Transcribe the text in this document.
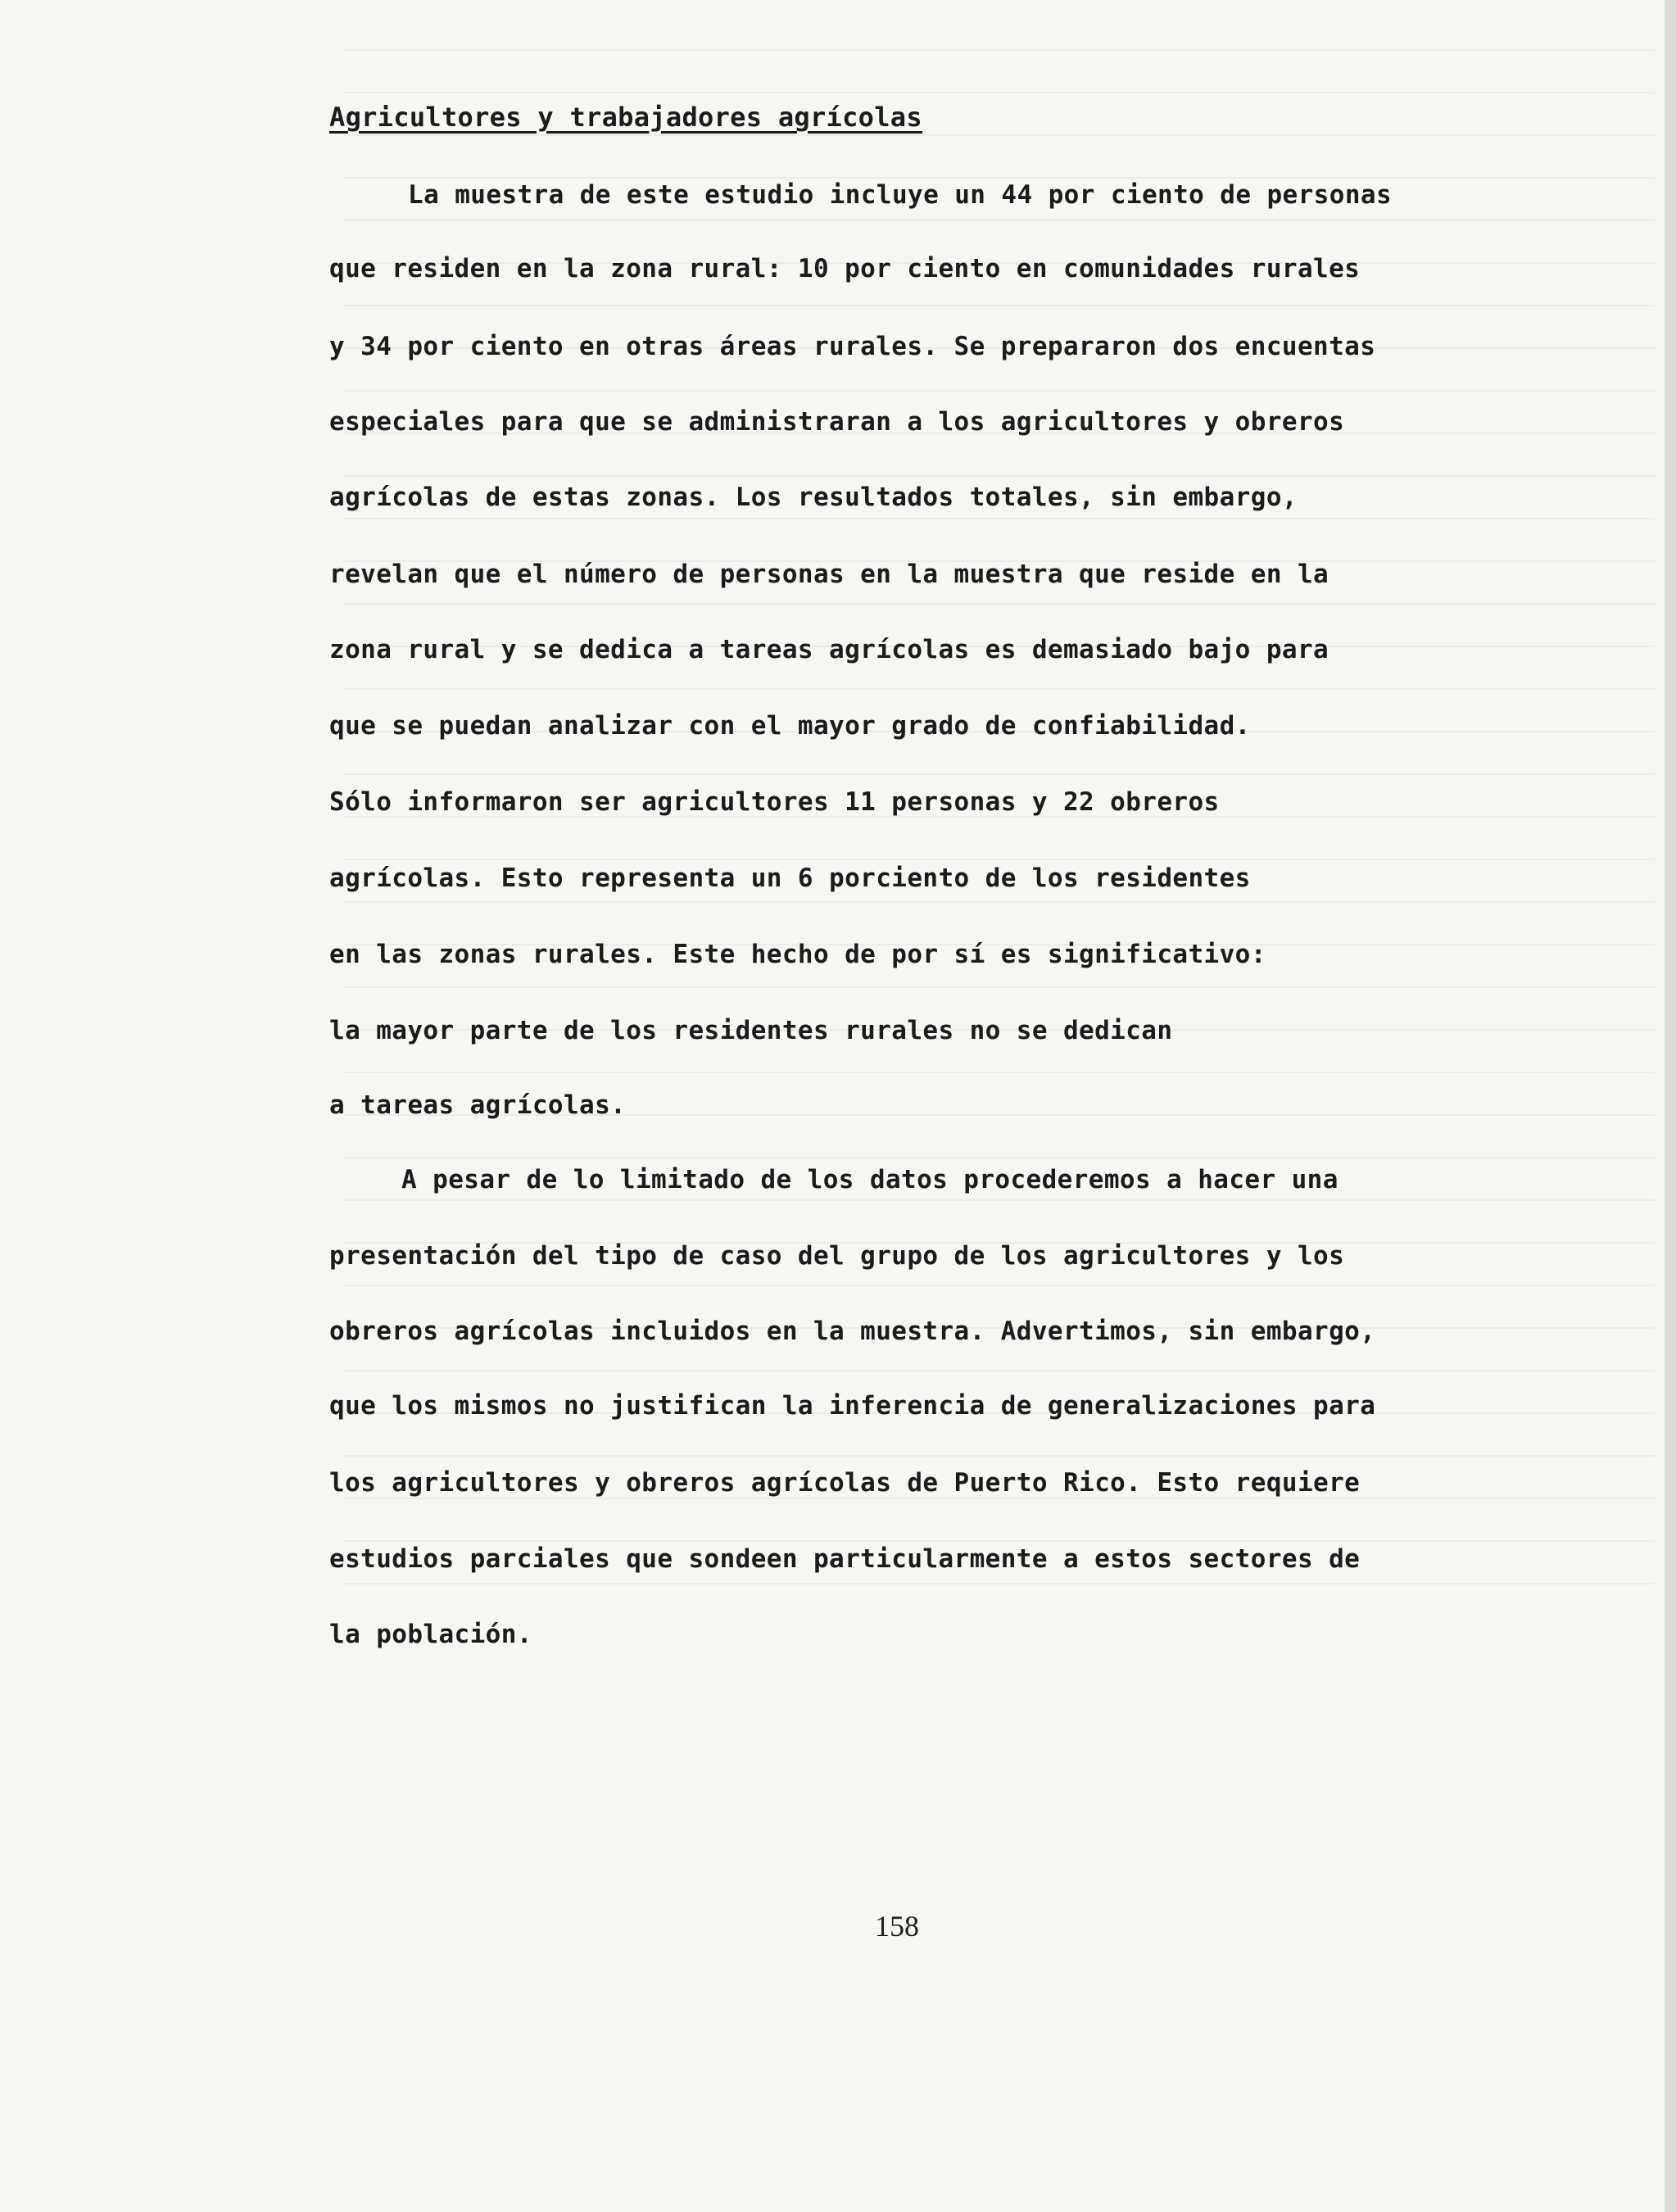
Agricultores y trabajadores agrícolas
La muestra de este estudio incluye un 44 por ciento de personas
que residen en la zona rural: 10 por ciento en comunidades rurales
y 34 por ciento en otras áreas rurales. Se prepararon dos encuentas
especiales para que se administraran a los agricultores y obreros
agrícolas de estas zonas. Los resultados totales, sin embargo,
revelan que el número de personas en la muestra que reside en la
zona rural y se dedica a tareas agrícolas es demasiado bajo para
que se puedan analizar con el mayor grado de confiabilidad.
Sólo informaron ser agricultores 11 personas y 22 obreros
agrícolas. Esto representa un 6 porciento de los residentes
en las zonas rurales. Este hecho de por sí es significativo:
la mayor parte de los residentes rurales no se dedican
a tareas agrícolas.
A pesar de lo limitado de los datos procederemos a hacer una
presentación del tipo de caso del grupo de los agricultores y los
obreros agrícolas incluidos en la muestra. Advertimos, sin embargo,
que los mismos no justifican la inferencia de generalizaciones para
los agricultores y obreros agrícolas de Puerto Rico. Esto requiere
estudios parciales que sondeen particularmente a estos sectores de
la población.
158
